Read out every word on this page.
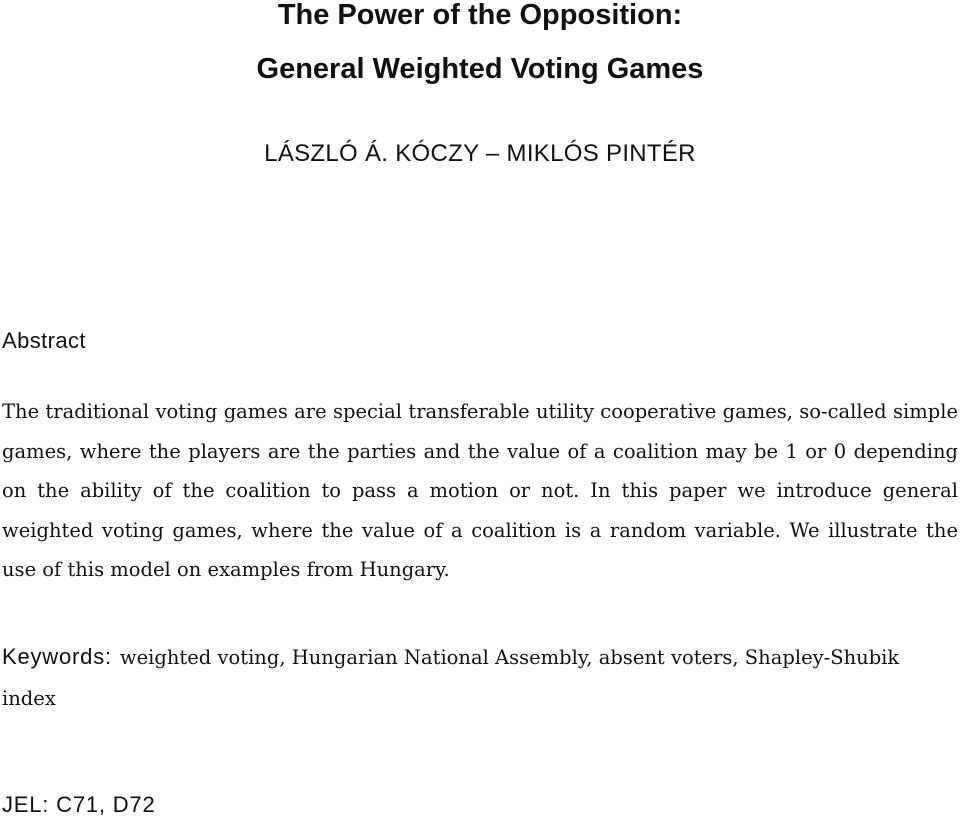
The Power of the Opposition:
General Weighted Voting Games
LÁSZLÓ Á. KÓCZY – MIKLÓS PINTÉR
Abstract

The traditional voting games are special transferable utility cooperative games, so-called simple games, where the players are the parties and the value of a coalition may be 1 or 0 depending on the ability of the coalition to pass a motion or not. In this paper we introduce general weighted voting games, where the value of a coalition is a random variable. We illustrate the use of this model on examples from Hungary.

Keywords: weighted voting, Hungarian National Assembly, absent voters, Shapley-Shubik index

JEL: C71, D72
